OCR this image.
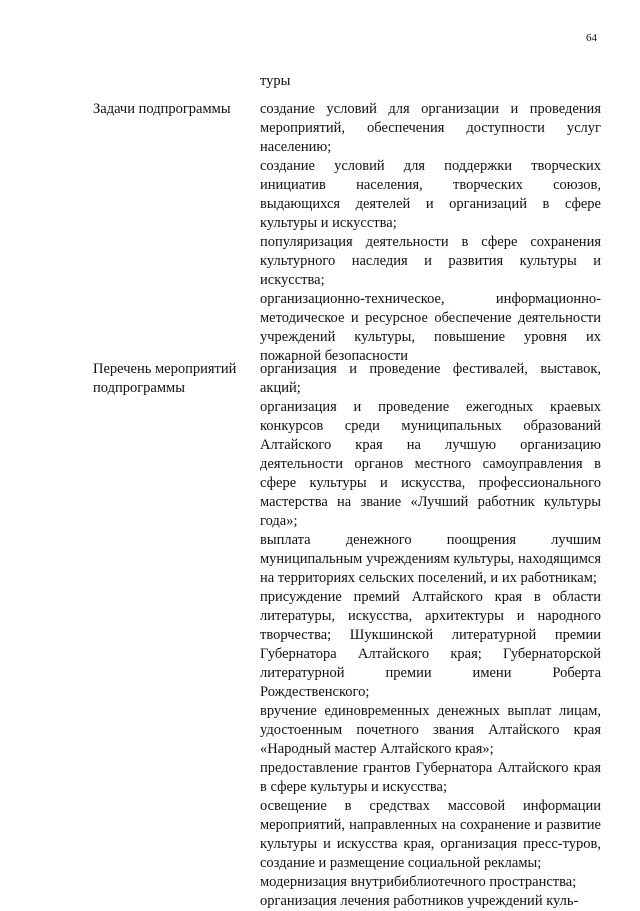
64
туры
Задачи подпрограммы	создание условий для организации и проведения мероприятий, обеспечения доступности услуг населению;

создание условий для поддержки творческих инициатив населения, творческих союзов, выдающихся деятелей и организаций в сфере культуры и искусства;

популяризация деятельности в сфере сохранения культурного наследия и развития культуры и искусства;

организационно-техническое, информационно-методическое и ресурсное обеспечение деятельности учреждений культуры, повышение уровня их пожарной безопасности

Перечень мероприятий подпрограммы

организация и проведение фестивалей, выставок, акций;

организация и проведение ежегодных краевых конкурсов среди муниципальных образований Алтайского края на лучшую организацию деятельности органов местного самоуправления в сфере культуры и искусства, профессионального мастерства на звание «Лучший работник культуры года»;

выплата денежного поощрения лучшим муниципальным учреждениям культуры, находящимся на территориях сельских поселений, и их работникам;

присуждение премий Алтайского края в области литературы, искусства, архитектуры и народного творчества; Шукшинской литературной премии Губернатора Алтайского края; Губернаторской литературной премии имени Роберта Рождественского;

вручение единовременных денежных выплат лицам, удостоенным почетного звания Алтайского края «Народный мастер Алтайского края»;

предоставление грантов Губернатора Алтайского края в сфере культуры и искусства;

освещение в средствах массовой информации мероприятий, направленных на сохранение и развитие культуры и искусства края, организация пресс-туров, создание и размещение социальной рекламы;

модернизация внутрибиблиотечного пространства;

организация лечения работников учреждений куль-
